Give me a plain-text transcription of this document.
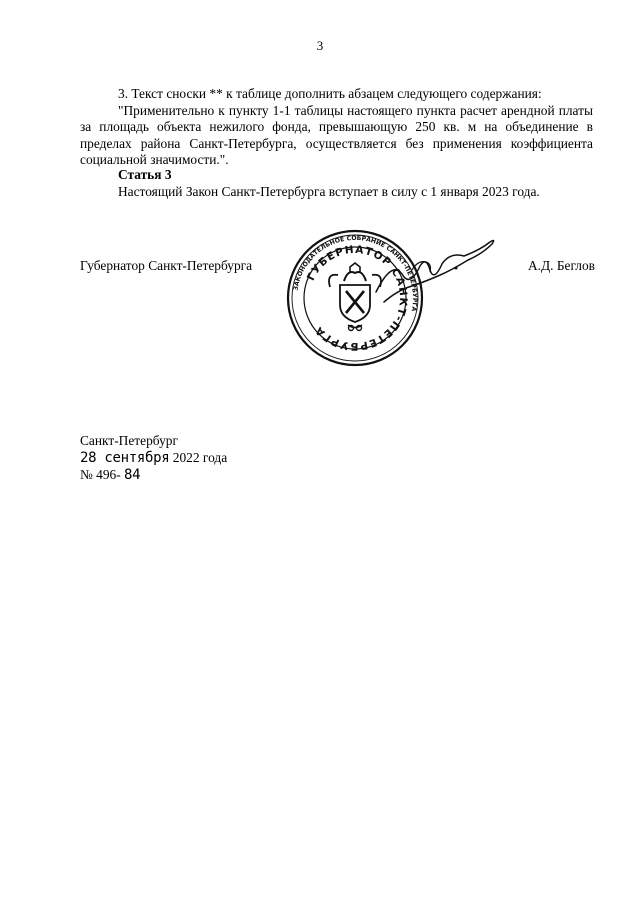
3
3. Текст сноски ** к таблице дополнить абзацем следующего содержания:
"Применительно к пункту 1-1 таблицы настоящего пункта расчет арендной платы за площадь объекта нежилого фонда, превышающую 250 кв. м на объединение в пределах района Санкт-Петербурга, осуществляется без применения коэффициента социальной значимости.".
Статья 3
Настоящий Закон Санкт-Петербурга вступает в силу с 1 января 2023 года.
Губернатор Санкт-Петербурга	А.Д. Беглов
ЗАКОНОДАТЕЛЬНОЕ СОБРАНИЕ САНКТ-ПЕТЕРБУРГА
ГУБЕРНАТОР САНКТ-ПЕТЕРБУРГА
Санкт-Петербург
28 сентября 2022 года
№ 496- 84
